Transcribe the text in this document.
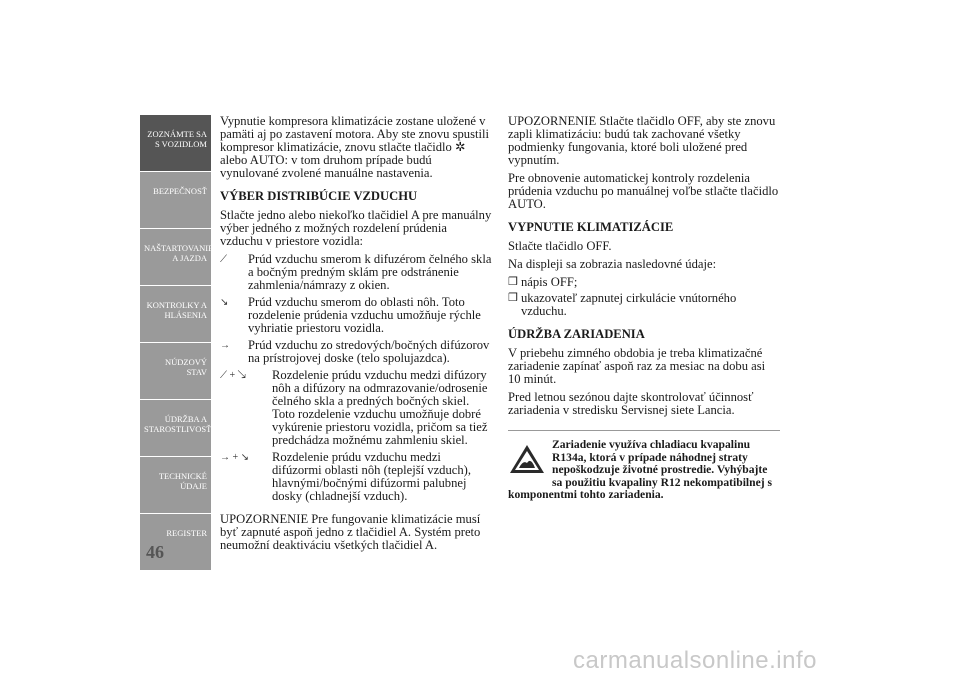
ZOZNÁMTE SA S VOZIDLOM
BEZPEČNOSŤ
NAŠTARTOVANIE A JAZDA
KONTROLKY A HLÁSENIA
NÚDZOVÝ STAV
ÚDRŽBA A STAROSTLIVOSŤ
TECHNICKÉ ÚDAJE
REGISTER
46

Vypnutie kompresora klimatizácie zostane uložené v pamäti aj po zastavení motora. Aby ste znovu spustili kompresor klimatizácie, znovu stlačte tlačidlo ✲ alebo AUTO: v tom druhom prípade budú vynulované zvolené manuálne nastavenia.

VÝBER DISTRIBÚCIE VZDUCHU

Stlačte jedno alebo niekoľko tlačidiel A pre manuálny výber jedného z možných rozdelení prúdenia vzduchu v priestore vozidla:

⟋ Prúd vzduchu smerom k difuzérom čelného skla a bočným predným sklám pre odstránenie zahmlenia/námrazy z okien.
↘ Prúd vzduchu smerom do oblasti nôh. Toto rozdelenie prúdenia vzduchu umožňuje rýchle vyhriatie priestoru vozidla.
→ Prúd vzduchu zo stredových/bočných difúzorov na prístrojovej doske (telo spolujazdca).
⟋ + ↘ Rozdelenie prúdu vzduchu medzi difúzory nôh a difúzory na odmrazovanie/odrosenie čelného skla a predných bočných skiel. Toto rozdelenie vzduchu umožňuje dobré vykúrenie priestoru vozidla, pričom sa tiež predchádza možnému zahmleniu skiel.
→ + ↘ Rozdelenie prúdu vzduchu medzi difúzormi oblasti nôh (teplejší vzduch), hlavnými/bočnými difúzormi palubnej dosky (chladnejší vzduch).

UPOZORNENIE Pre fungovanie klimatizácie musí byť zapnuté aspoň jedno z tlačidiel A. Systém preto neumožní deaktiváciu všetkých tlačidiel A.

UPOZORNENIE Stlačte tlačidlo OFF, aby ste znovu zapli klimatizáciu: budú tak zachované všetky podmienky fungovania, ktoré boli uložené pred vypnutím.

Pre obnovenie automatickej kontroly rozdelenia prúdenia vzduchu po manuálnej voľbe stlačte tlačidlo AUTO.

VYPNUTIE KLIMATIZÁCIE

Stlačte tlačidlo OFF.

Na displeji sa zobrazia nasledovné údaje:

❒ nápis OFF;
❒ ukazovateľ zapnutej cirkulácie vnútorného vzduchu.
ÚDRŽBA ZARIADENIA

V priebehu zimného obdobia je treba klimatizačné zariadenie zapínať aspoň raz za mesiac na dobu asi 10 minút.

Pred letnou sezónou dajte skontrolovať účinnosť zariadenia v stredisku Servisnej siete Lancia.

Zariadenie využíva chladiacu kvapalinu R134a, ktorá v prípade náhodnej straty nepoškodzuje životné prostredie. Vyhýbajte sa použitiu kvapaliny R12 nekompatibilnej s komponentmi tohto zariadenia.
carmanualsonline.info
